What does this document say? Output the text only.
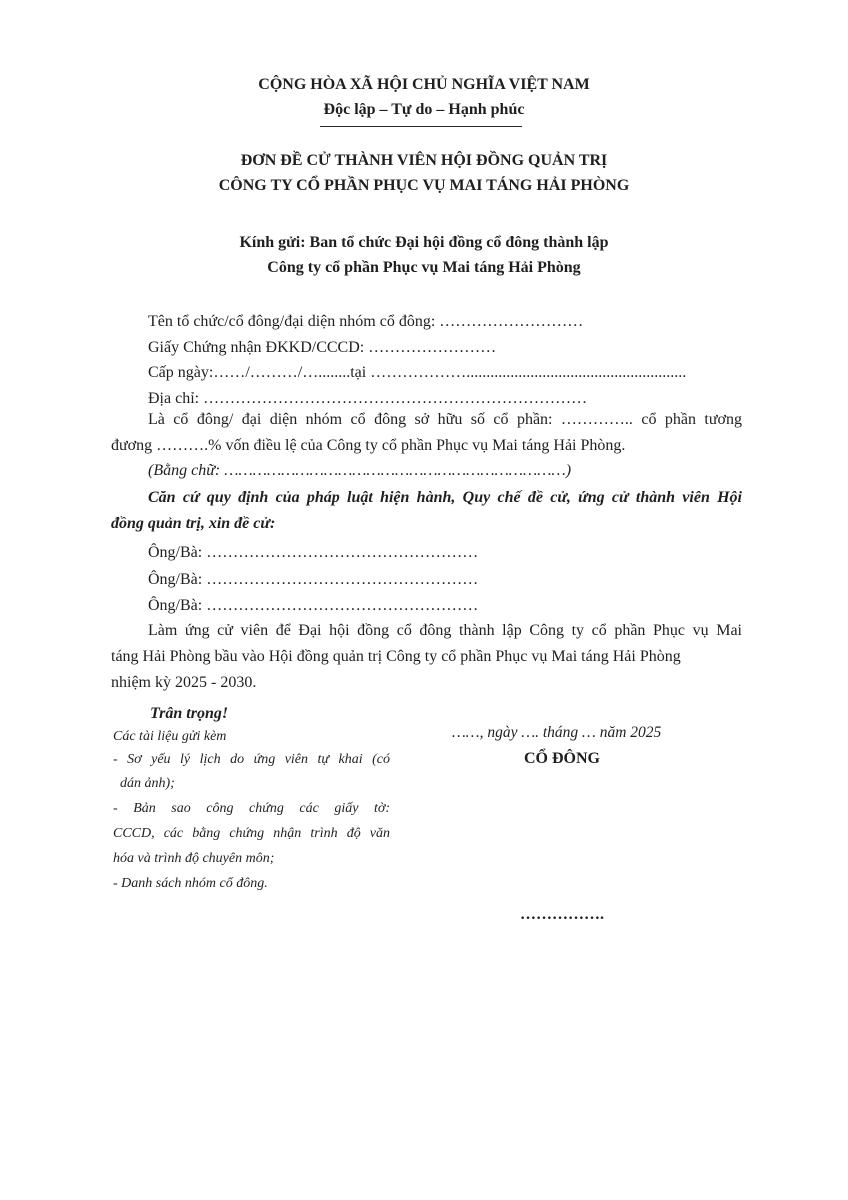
CỘNG HÒA XÃ HỘI CHỦ NGHĨA VIỆT NAM
Độc lập – Tự do – Hạnh phúc
ĐƠN ĐỀ CỬ THÀNH VIÊN HỘI ĐỒNG QUẢN TRỊ
CÔNG TY CỔ PHẦN PHỤC VỤ MAI TÁNG HẢI PHÒNG
Kính gửi: Ban tổ chức Đại hội đồng cổ đông thành lập
Công ty cổ phần Phục vụ Mai táng Hải Phòng
Tên tổ chức/cổ đông/đại diện nhóm cổ đông: ………………………
Giấy Chứng nhận ĐKKD/CCCD: ……………………
Cấp ngày:……/………/…........tại ……………….......................................................
Địa chỉ: ………………………………………………………………
Là cổ đông/ đại diện nhóm cổ đông sở hữu số cổ phần: ………….. cổ phần tương
đương ……….% vốn điều lệ của Công ty cổ phần Phục vụ Mai táng Hải Phòng.
(Bằng chữ: ………………………………………………………………)
Căn cứ quy định của pháp luật hiện hành, Quy chế đề cử, ứng cử thành viên Hội
đồng quản trị, xin đề cử:
Ông/Bà: ……………………………………………
Ông/Bà: ……………………………………………
Ông/Bà: ……………………………………………
Làm ứng cử viên để Đại hội đồng cổ đông thành lập Công ty cổ phần Phục vụ Mai
táng Hải Phòng bầu vào Hội đồng quản trị Công ty cổ phần Phục vụ Mai táng Hải Phòng
nhiệm kỳ 2025 - 2030.
Trân trọng!
Các tài liệu gửi kèm
- Sơ yếu lý lịch do ứng viên tự khai (có
dán ảnh);
- Bản sao công chứng các giấy tờ:
CCCD, các bằng chứng nhận trình độ văn
hóa và trình độ chuyên môn;
- Danh sách nhóm cổ đông.
……, ngày …. tháng … năm 2025
CỔ ĐÔNG
…………….
